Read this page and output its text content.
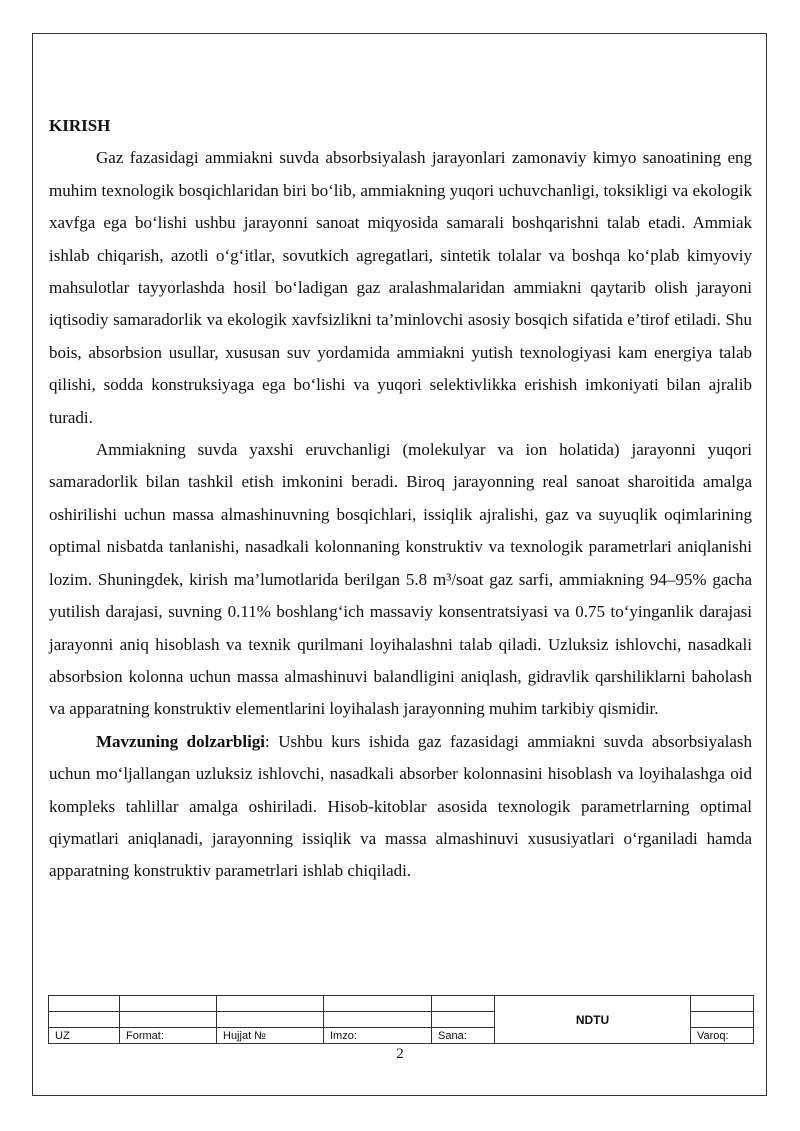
KIRISH

Gaz fazasidagi ammiakni suvda absorbsiyalash jarayonlari zamonaviy kimyo sanoatining eng muhim texnologik bosqichlaridan biri bo‘lib, ammiakning yuqori uchuvchanligi, toksikligi va ekologik xavfga ega bo‘lishi ushbu jarayonni sanoat miqyosida samarali boshqarishni talab etadi. Ammiak ishlab chiqarish, azotli o‘g‘itlar, sovutkich agregatlari, sintetik tolalar va boshqa ko‘plab kimyoviy mahsulotlar tayyorlashda hosil bo‘ladigan gaz aralashmalaridan ammiakni qaytarib olish jarayoni iqtisodiy samaradorlik va ekologik xavfsizlikni ta’minlovchi asosiy bosqich sifatida e’tirof etiladi. Shu bois, absorbsion usullar, xususan suv yordamida ammiakni yutish texnologiyasi kam energiya talab qilishi, sodda konstruksiyaga ega bo‘lishi va yuqori selektivlikka erishish imkoniyati bilan ajralib turadi.

Ammiakning suvda yaxshi eruvchanligi (molekulyar va ion holatida) jarayonni yuqori samaradorlik bilan tashkil etish imkonini beradi. Biroq jarayonning real sanoat sharoitida amalga oshirilishi uchun massa almashinuvning bosqichlari, issiqlik ajralishi, gaz va suyuqlik oqimlarining optimal nisbatda tanlanishi, nasadkali kolonnaning konstruktiv va texnologik parametrlari aniqlanishi lozim. Shuningdek, kirish ma’lumotlarida berilgan 5.8 m³/soat gaz sarfi, ammiakning 94–95% gacha yutilish darajasi, suvning 0.11% boshlang‘ich massaviy konsentratsiyasi va 0.75 to‘yinganlik darajasi jarayonni aniq hisoblash va texnik qurilmani loyihalashni talab qiladi. Uzluksiz ishlovchi, nasadkali absorbsion kolonna uchun massa almashinuvi balandligini aniqlash, gidravlik qarshiliklarni baholash va apparatning konstruktiv elementlarini loyihalash jarayonning muhim tarkibiy qismidir.

Mavzuning dolzarbligi: Ushbu kurs ishida gaz fazasidagi ammiakni suvda absorbsiyalash uchun mo‘ljallangan uzluksiz ishlovchi, nasadkali absorber kolonnasini hisoblash va loyihalashga oid kompleks tahlillar amalga oshiriladi. Hisob-kitoblar asosida texnologik parametrlarning optimal qiymatlari aniqlanadi, jarayonning issiqlik va massa almashinuvi xususiyatlari o‘rganiladi hamda apparatning konstruktiv parametrlari ishlab chiqiladi.

					NDTU	

UZ	Format:	Hujjat №	Imzo:	Sana:		Varoq:
2
